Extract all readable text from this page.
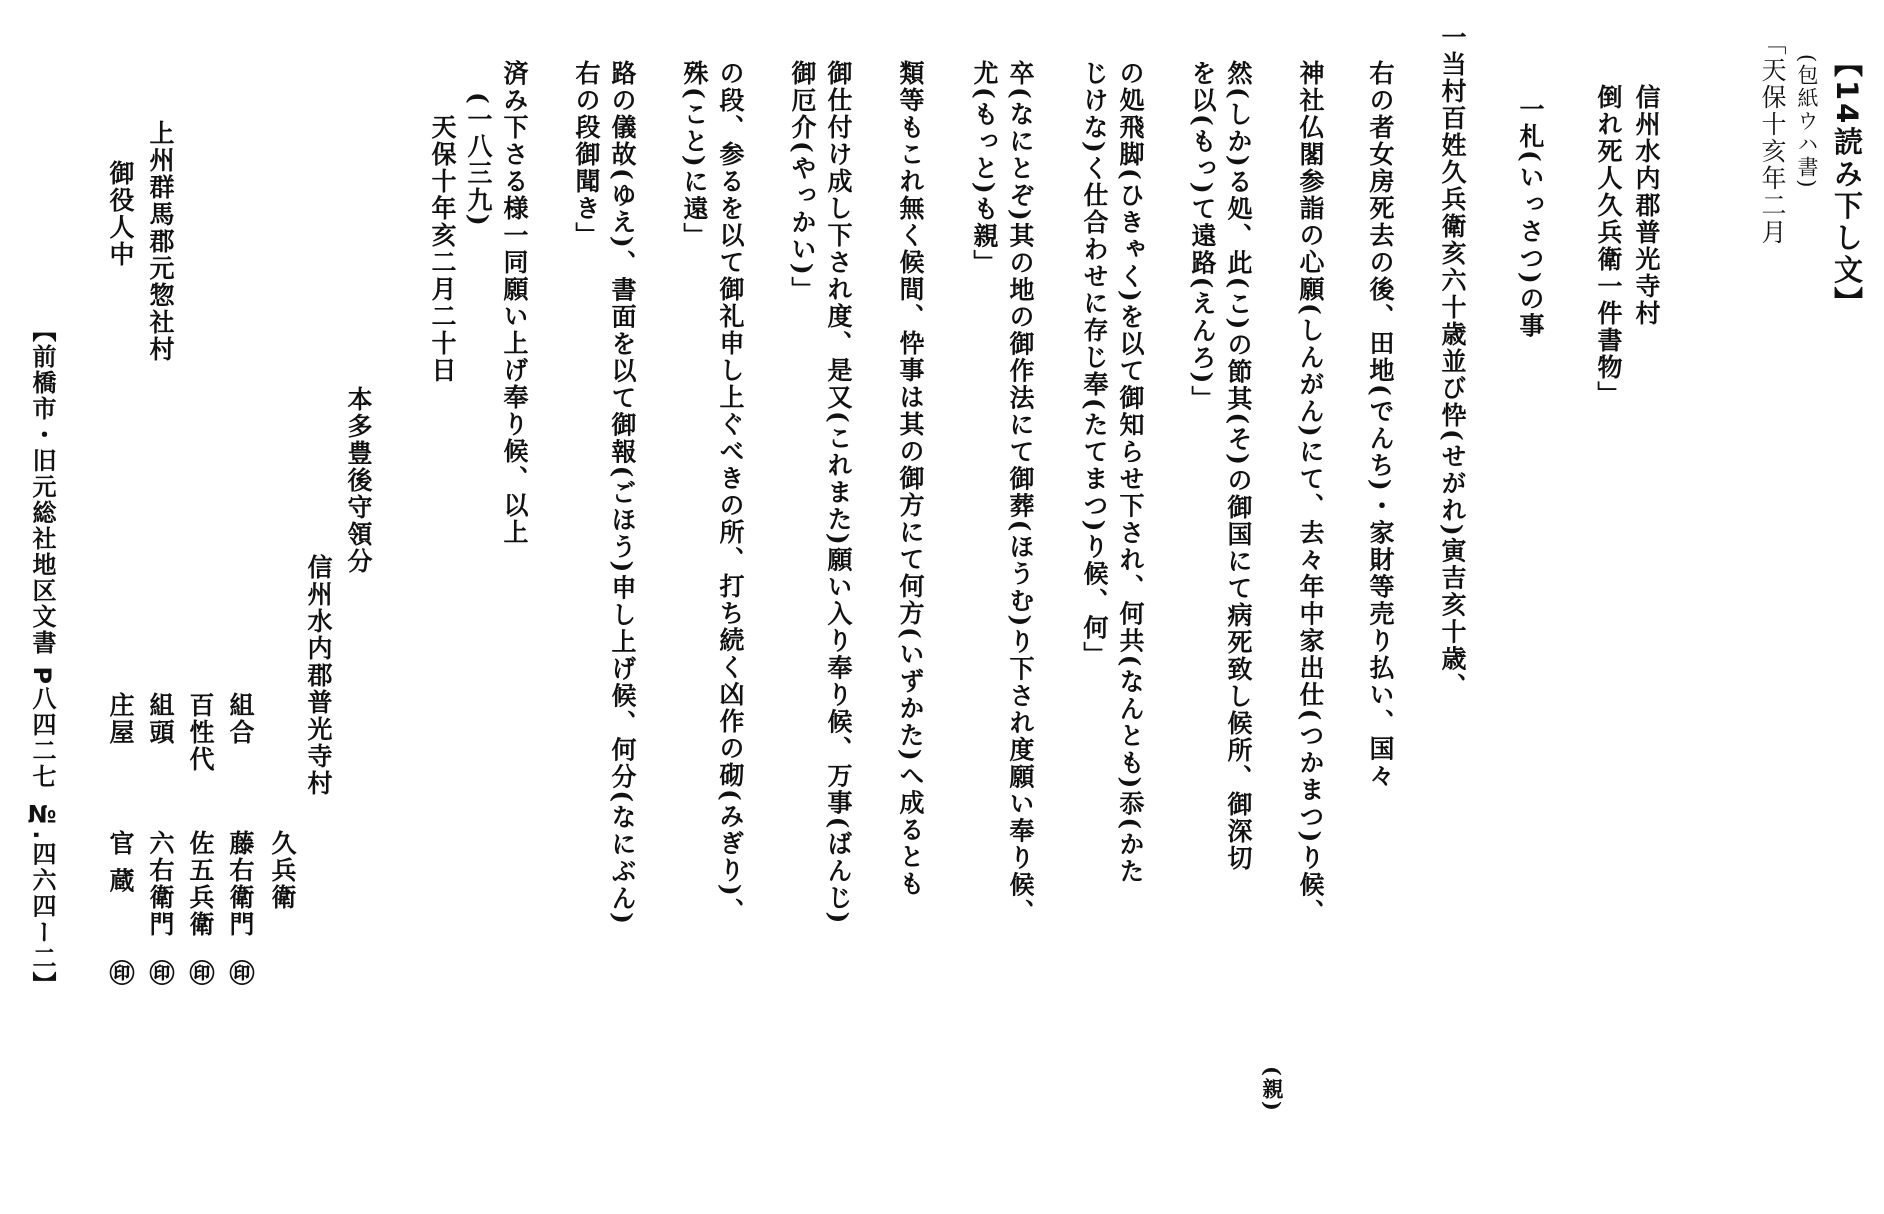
【14読み下し文】
(包紙ウハ書)
「天保十亥年二月
信州水内郡普光寺村
倒れ死人久兵衛一件書物」
一札(いっさつ)の事
一当村百姓久兵衛亥六十歳並び忰(せがれ)寅吉亥十歳、
右の者女房死去の後、田地(でんち)・家財等売り払い、国々
神社仏閣参詣の心願(しんがん)にて、去々年中家出仕(つかまつ)り候、
(親)
然(しか)る処、此(こ)の節其(そ)の御国にて病死致し候所、御深切
を以(もっ)て遠路(えんろ)」
の処飛脚(ひきゃく)を以て御知らせ下され、何共(なんとも)忝(かた
じけな)く仕合わせに存じ奉(たてまつ)り候、何」
卒(なにとぞ)其の地の御作法にて御葬(ほうむ)り下され度願い奉り候、
尤(もっと)も親」
類等もこれ無く候間、忰事は其の御方にて何方(いずかた)へ成るとも
御仕付け成し下され度、是又(これまた)願い入り奉り候、万事(ばんじ)
御厄介(やっかい)」
の段、参るを以て御礼申し上ぐべきの所、打ち続く凶作の砌(みぎり)、
殊(こと)に遠」
路の儀故(ゆえ)、書面を以て御報(ごほう)申し上げ候、何分(なにぶん)
右の段御聞き」
済み下さる様一同願い上げ奉り候、以上
(一八三九)
天保十年亥二月二十日
本多豊後守領分
信州水内郡普光寺村
久兵衛
組合
藤右衛門
㊞
百性代
佐五兵衛
㊞
組頭
六右衛門
㊞
庄屋
官 蔵
㊞
上州群馬郡元惣社村
御役人中
【前橋市・旧元総社地区文書 P八四二七 №.四六四ー二】
